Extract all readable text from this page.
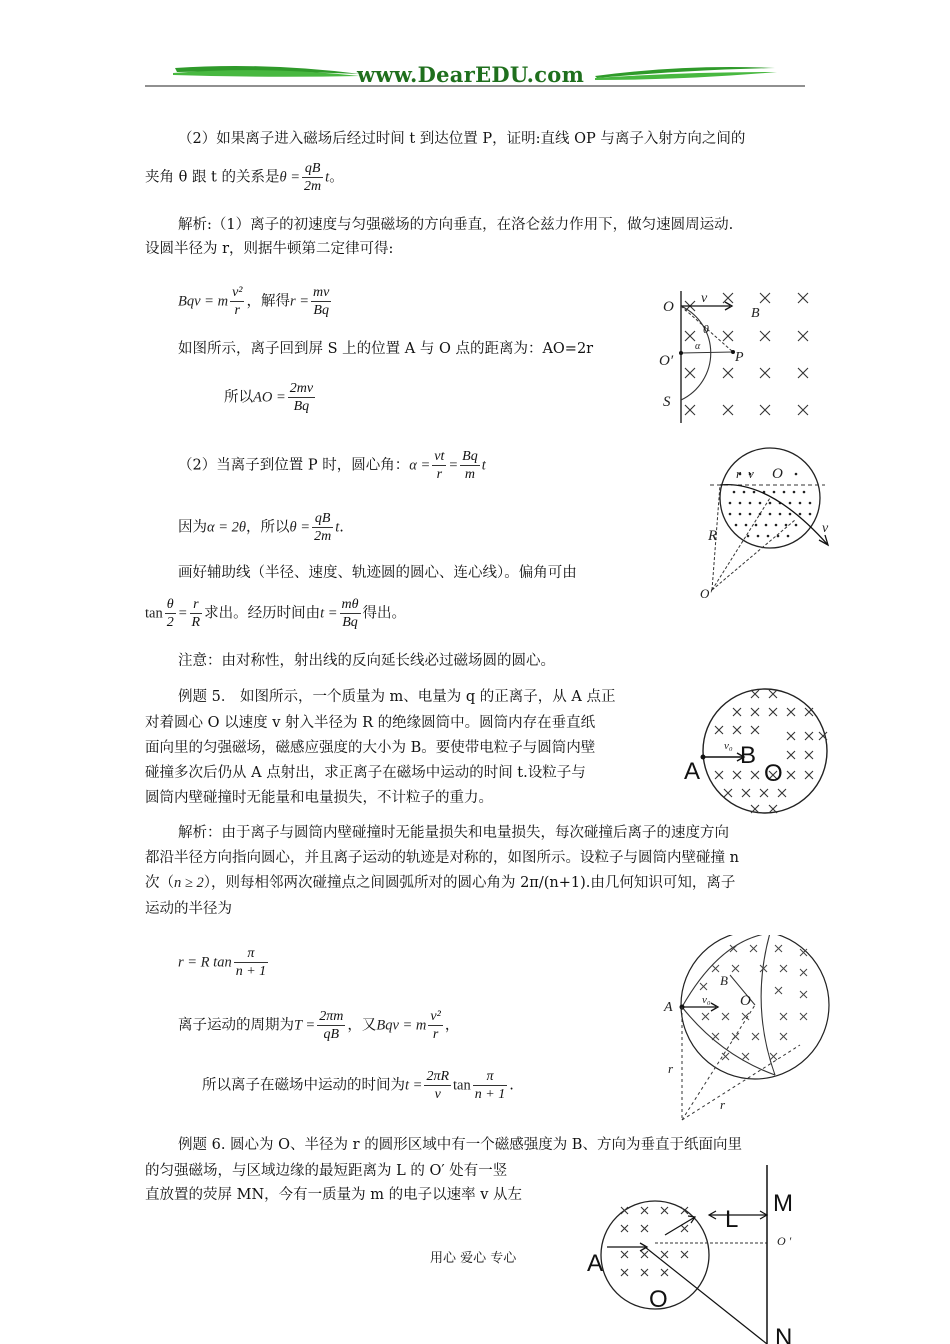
www.DearEDU.com
（2）如果离子进入磁场后经过时间 t 到达位置 P，证明:直线 OP 与离子入射方向之间的
夹角 θ 跟 t 的关系是$\theta = \frac{qB}{2m}$ t。
解析:（1）离子的初速度与匀强磁场的方向垂直，在洛仑兹力作用下，做匀速圆周运动.
设圆半径为 r，则据牛顿第二定律可得:
Bqv = m $\frac{\text{v²}}{r}$ ，解得$r = \frac{mv}{Bq}$
如图所示，离子回到屏 S 上的位置 A 与 O 点的距离为：AO=2r
所以AO = $\frac{2mv}{Bq}$
（2）当离子到位置 P 时，圆心角：$\alpha = \frac{vt}{r} = \frac{Bq}{m}$ t
因为α = 2θ，所以$\theta = \frac{qB}{2m} t$.
画好辅助线（半径、速度、轨迹圆的圆心、连心线）。偏角可由
$\tan \frac{\theta}{2} = \frac{r}{R}$ 求出。经历时间由$t = \frac{m\theta}{Bq}$ 得出。
注意：由对称性，射出线的反向延长线必过磁场圆的圆心。
例题 5． 如图所示，一个质量为 m、电量为 q 的正离子，从 A 点正
对着圆心 O 以速度 v 射入半径为 R 的绝缘圆筒中。圆筒内存在垂直纸
面向里的匀强磁场，磁感应强度的大小为 B。要使带电粒子与圆筒内壁
碰撞多次后仍从 A 点射出，求正离子在磁场中运动的时间 t.设粒子与
圆筒内壁碰撞时无能量和电量损失，不计粒子的重力。
解析：由于离子与圆筒内壁碰撞时无能量损失和电量损失，每次碰撞后离子的速度方向
都沿半径方向指向圆心，并且离子运动的轨迹是对称的，如图所示。设粒子与圆筒内壁碰撞 n
次（n ≥ 2），则每相邻两次碰撞点之间圆弧所对的圆心角为 2π/(n+1).由几何知识可知，离子
运动的半径为
r = R $\tan \frac{\pi}{n + 1}$
离子运动的周期为$T = \frac{2\pi m}{qB}$ ，又Bqv = m $\frac{\text{v²}}{r}$ ，
所以离子在磁场中运动的时间为$t = \frac{2\pi R}{v}$ $\tan \frac{\pi}{n + 1}$ .
例题 6. 圆心为 O、半径为 r 的圆形区域中有一个磁感强度为 B、方向为垂直于纸面向里
的匀强磁场，与区域边缘的最短距离为 L 的 O′ 处有一竖
直放置的荧屏 MN，今有一质量为 m 的电子以速率 v 从左
用心 爱心 专心
O
v
B
θ
α
O′	P
S
r v O
v
R
O′
v₀ B
A	O
A	v₀
B
O
r
r
L
M
O ′
A
O
N
